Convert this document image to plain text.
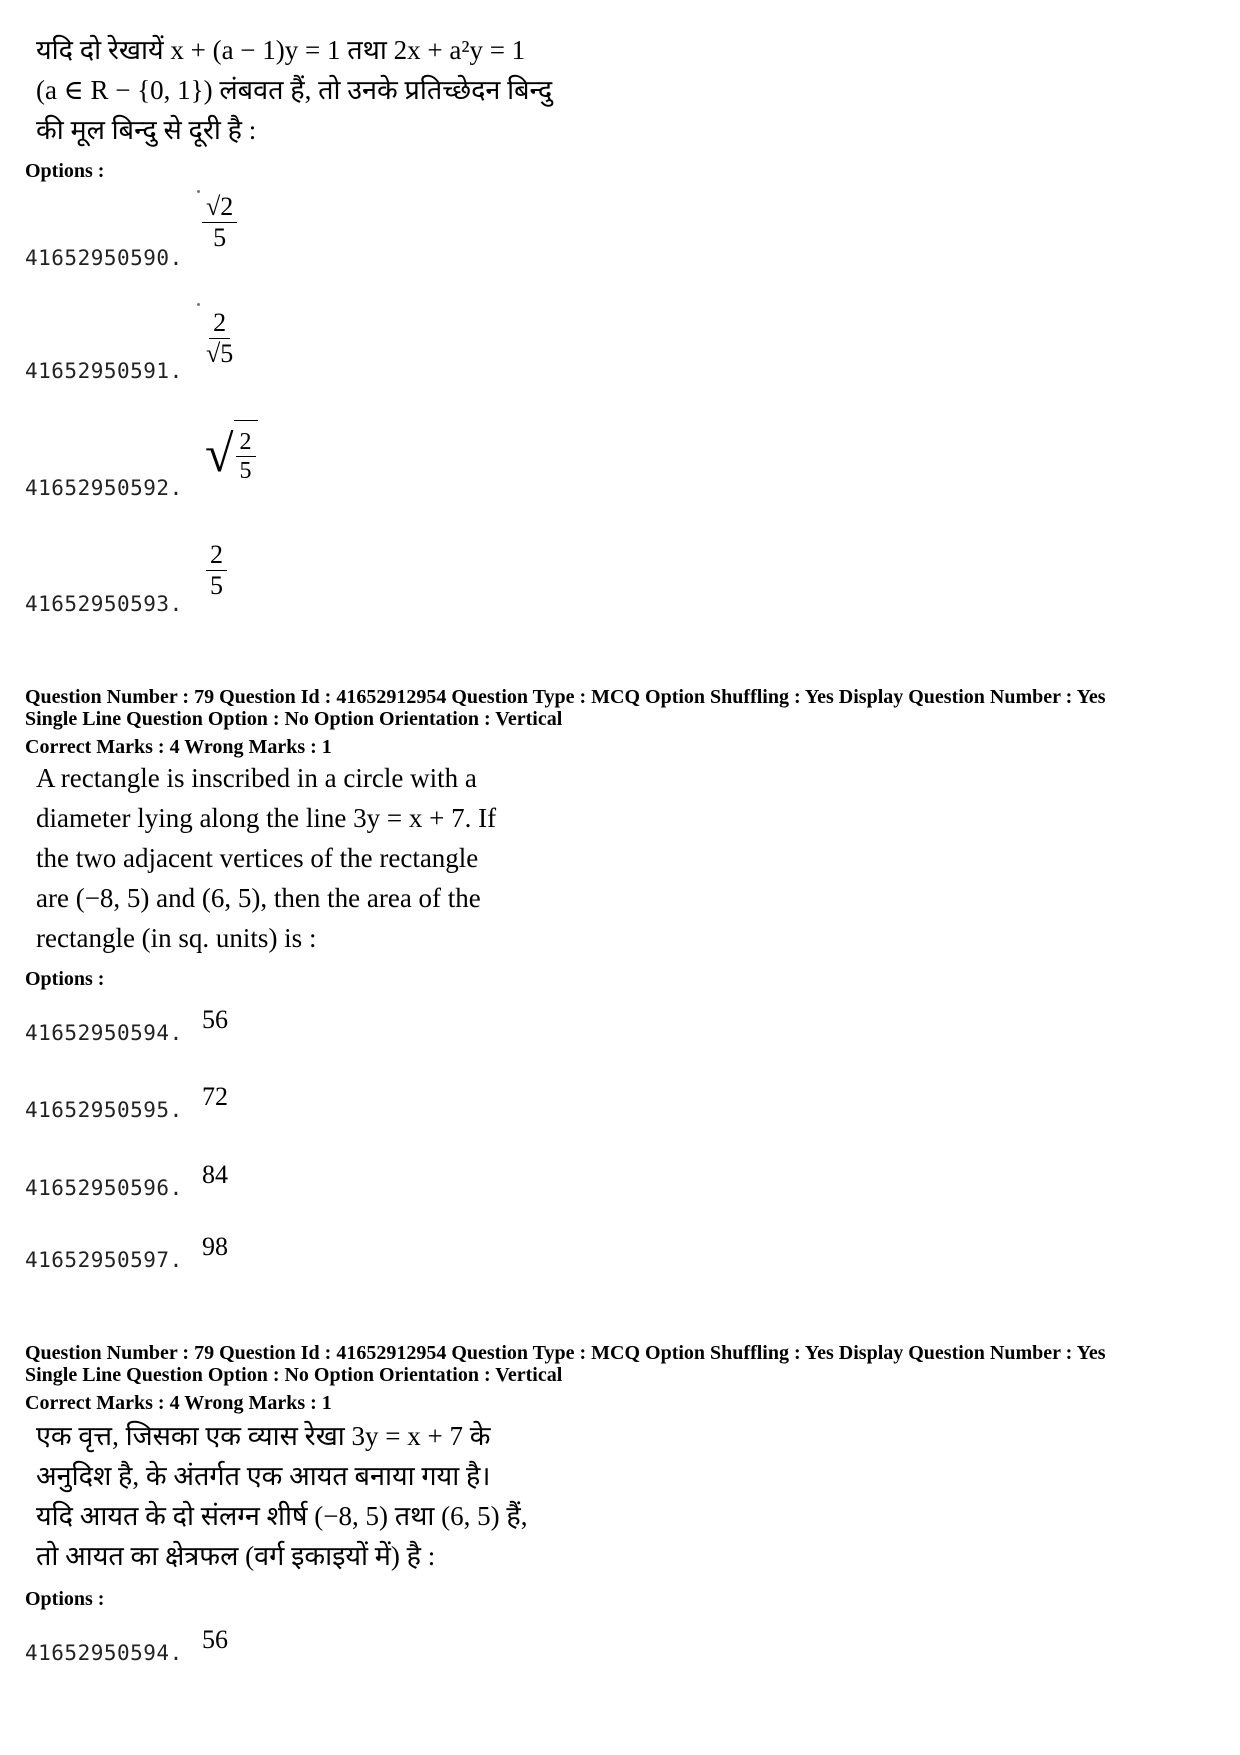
यदि दो रेखायें x + (a − 1)y = 1 तथा 2x + a²y = 1
(a ∈ R − {0, 1}) लंबवत हैं, तो उनके प्रतिच्छेदन बिन्दु
की मूल बिन्दु से दूरी है :
Options :
41652950590.
$\frac{√2}{5}$
41652950591.
$\frac{2}{√5}$
41652950592.
√ $\frac{2}{5}$
41652950593.
$\frac{2}{5}$
Question Number : 79 Question Id : 41652912954 Question Type : MCQ Option Shuffling : Yes Display Question Number : Yes
Single Line Question Option : No Option Orientation : Vertical
Correct Marks : 4 Wrong Marks : 1
A rectangle is inscribed in a circle with a
diameter lying along the line 3y = x + 7. If
the two adjacent vertices of the rectangle
are (−8, 5) and (6, 5), then the area of the
rectangle (in sq. units) is :
Options :
41652950594. 56
41652950595. 72
41652950596. 84
41652950597. 98
Question Number : 79 Question Id : 41652912954 Question Type : MCQ Option Shuffling : Yes Display Question Number : Yes
Single Line Question Option : No Option Orientation : Vertical
Correct Marks : 4 Wrong Marks : 1
एक वृत्त, जिसका एक व्यास रेखा 3y = x + 7 के
अनुदिश है, के अंतर्गत एक आयत बनाया गया है।
यदि आयत के दो संलग्न शीर्ष (−8, 5) तथा (6, 5) हैं,
तो आयत का क्षेत्रफल (वर्ग इकाइयों में) है :
Options :
41652950594. 56
